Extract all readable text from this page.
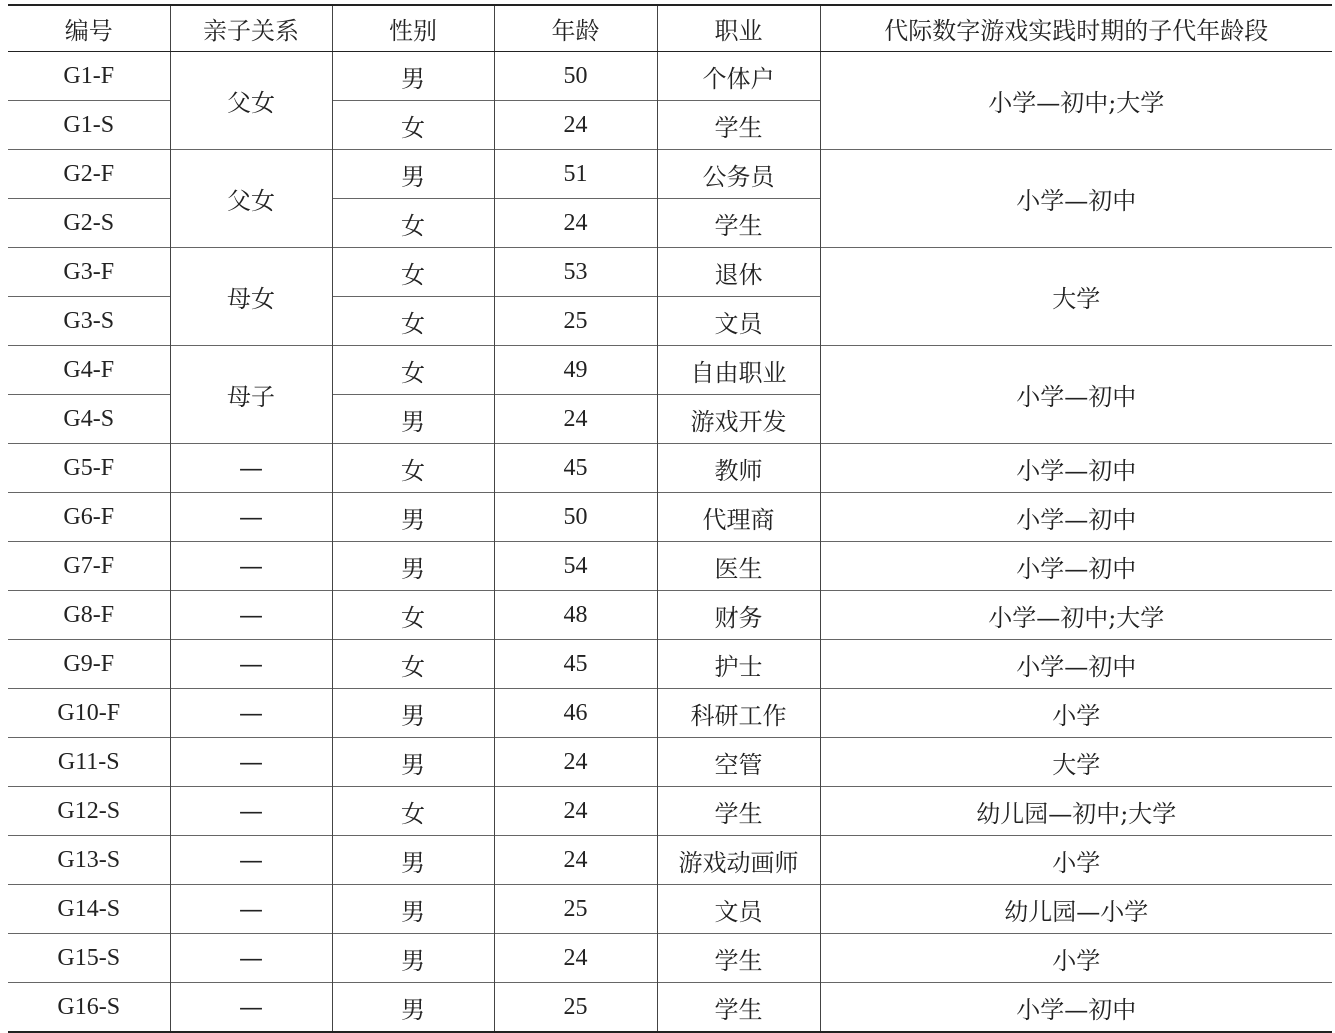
编号	亲子关系	性别	年龄	职业	代际数字游戏实践时期的子代年龄段
G1-F	父女	男	50	个体户	小学—初中;大学
G1-S		女	24	学生	
G2-F	父女	男	51	公务员	小学—初中
G2-S		女	24	学生	
G3-F	母女	女	53	退休	大学
G3-S		女	25	文员	
G4-F	母子	女	49	自由职业	小学—初中
G4-S		男	24	游戏开发	
G5-F	—	女	45	教师	小学—初中
G6-F	—	男	50	代理商	小学—初中
G7-F	—	男	54	医生	小学—初中
G8-F	—	女	48	财务	小学—初中;大学
G9-F	—	女	45	护士	小学—初中
G10-F	—	男	46	科研工作	小学
G11-S	—	男	24	空管	大学
G12-S	—	女	24	学生	幼儿园—初中;大学
G13-S	—	男	24	游戏动画师	小学
G14-S	—	男	25	文员	幼儿园—小学
G15-S	—	男	24	学生	小学
G16-S	—	男	25	学生	小学—初中
